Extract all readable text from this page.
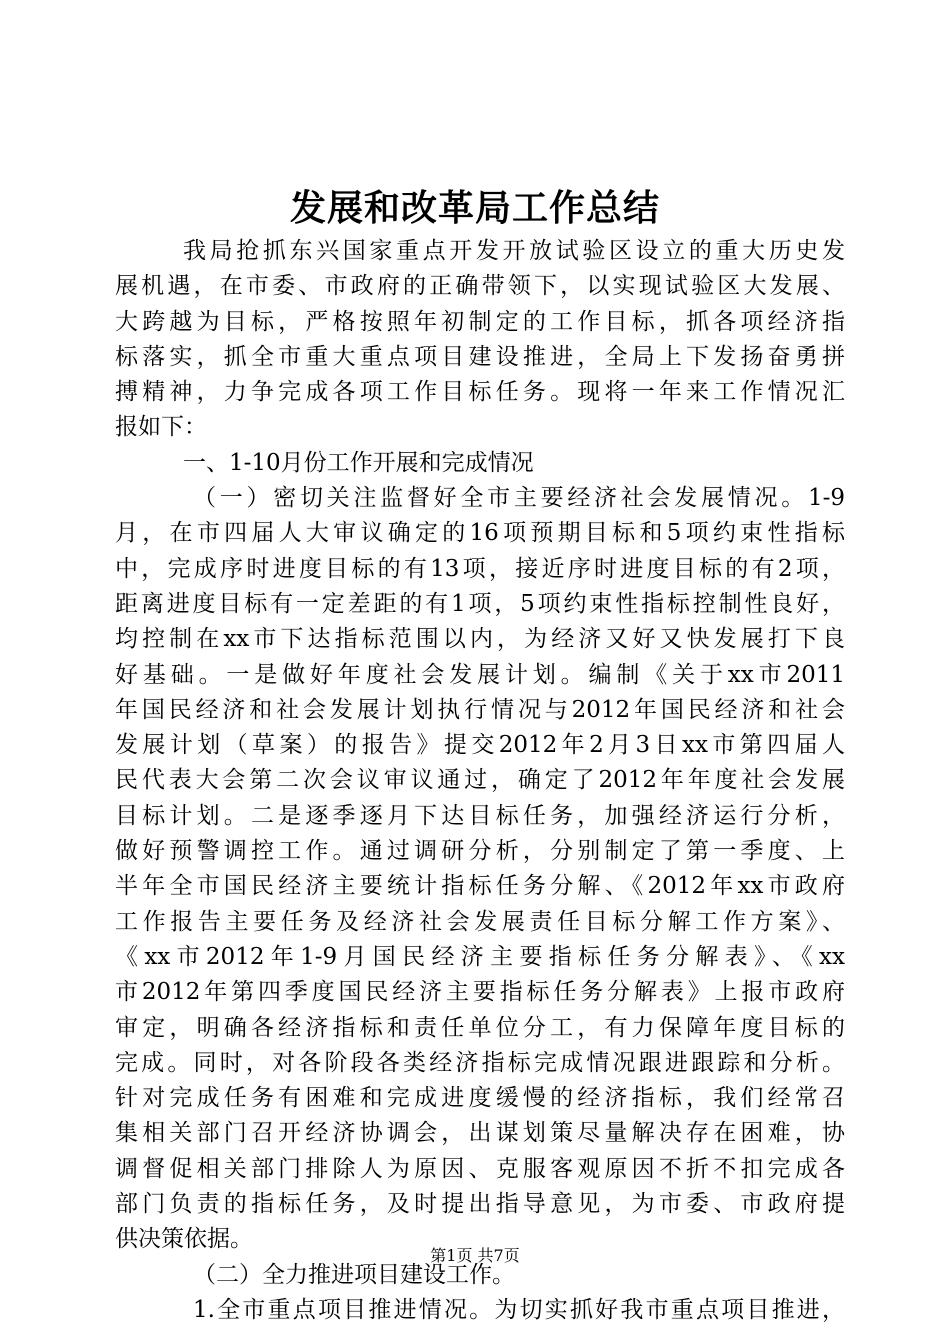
发展和改革局工作总结
我局抢抓东兴国家重点开发开放试验区设立的重大历史发
展机遇，在市委、市政府的正确带领下，以实现试验区大发展、
大跨越为目标，严格按照年初制定的工作目标，抓各项经济指
标落实，抓全市重大重点项目建设推进，全局上下发扬奋勇拼
搏精神，力争完成各项工作目标任务。现将一年来工作情况汇
报如下：
一、1-10月份工作开展和完成情况
（一）密切关注监督好全市主要经济社会发展情况。1-9
月，在市四届人大审议确定的16项预期目标和5项约束性指标
中，完成序时进度目标的有13项，接近序时进度目标的有2项，
距离进度目标有一定差距的有1项，5项约束性指标控制性良好，
均控制在xx市下达指标范围以内，为经济又好又快发展打下良
好基础。一是做好年度社会发展计划。编制《关于xx市2011
年国民经济和社会发展计划执行情况与2012年国民经济和社会
发展计划（草案）的报告》提交2012年2月3日xx市第四届人
民代表大会第二次会议审议通过，确定了2012年年度社会发展
目标计划。二是逐季逐月下达目标任务，加强经济运行分析，
做好预警调控工作。通过调研分析，分别制定了第一季度、上
半年全市国民经济主要统计指标任务分解、《2012年xx市政府
工作报告主要任务及经济社会发展责任目标分解工作方案》、
《xx市2012年1-9月国民经济主要指标任务分解表》、《xx
市2012年第四季度国民经济主要指标任务分解表》上报市政府
审定，明确各经济指标和责任单位分工，有力保障年度目标的
完成。同时，对各阶段各类经济指标完成情况跟进跟踪和分析。
针对完成任务有困难和完成进度缓慢的经济指标，我们经常召
集相关部门召开经济协调会，出谋划策尽量解决存在困难，协
调督促相关部门排除人为原因、克服客观原因不折不扣完成各
部门负责的指标任务，及时提出指导意见，为市委、市政府提
供决策依据。
（二）全力推进项目建设工作。
1.全市重点项目推进情况。为切实抓好我市重点项目推进，
第1页 共7页
